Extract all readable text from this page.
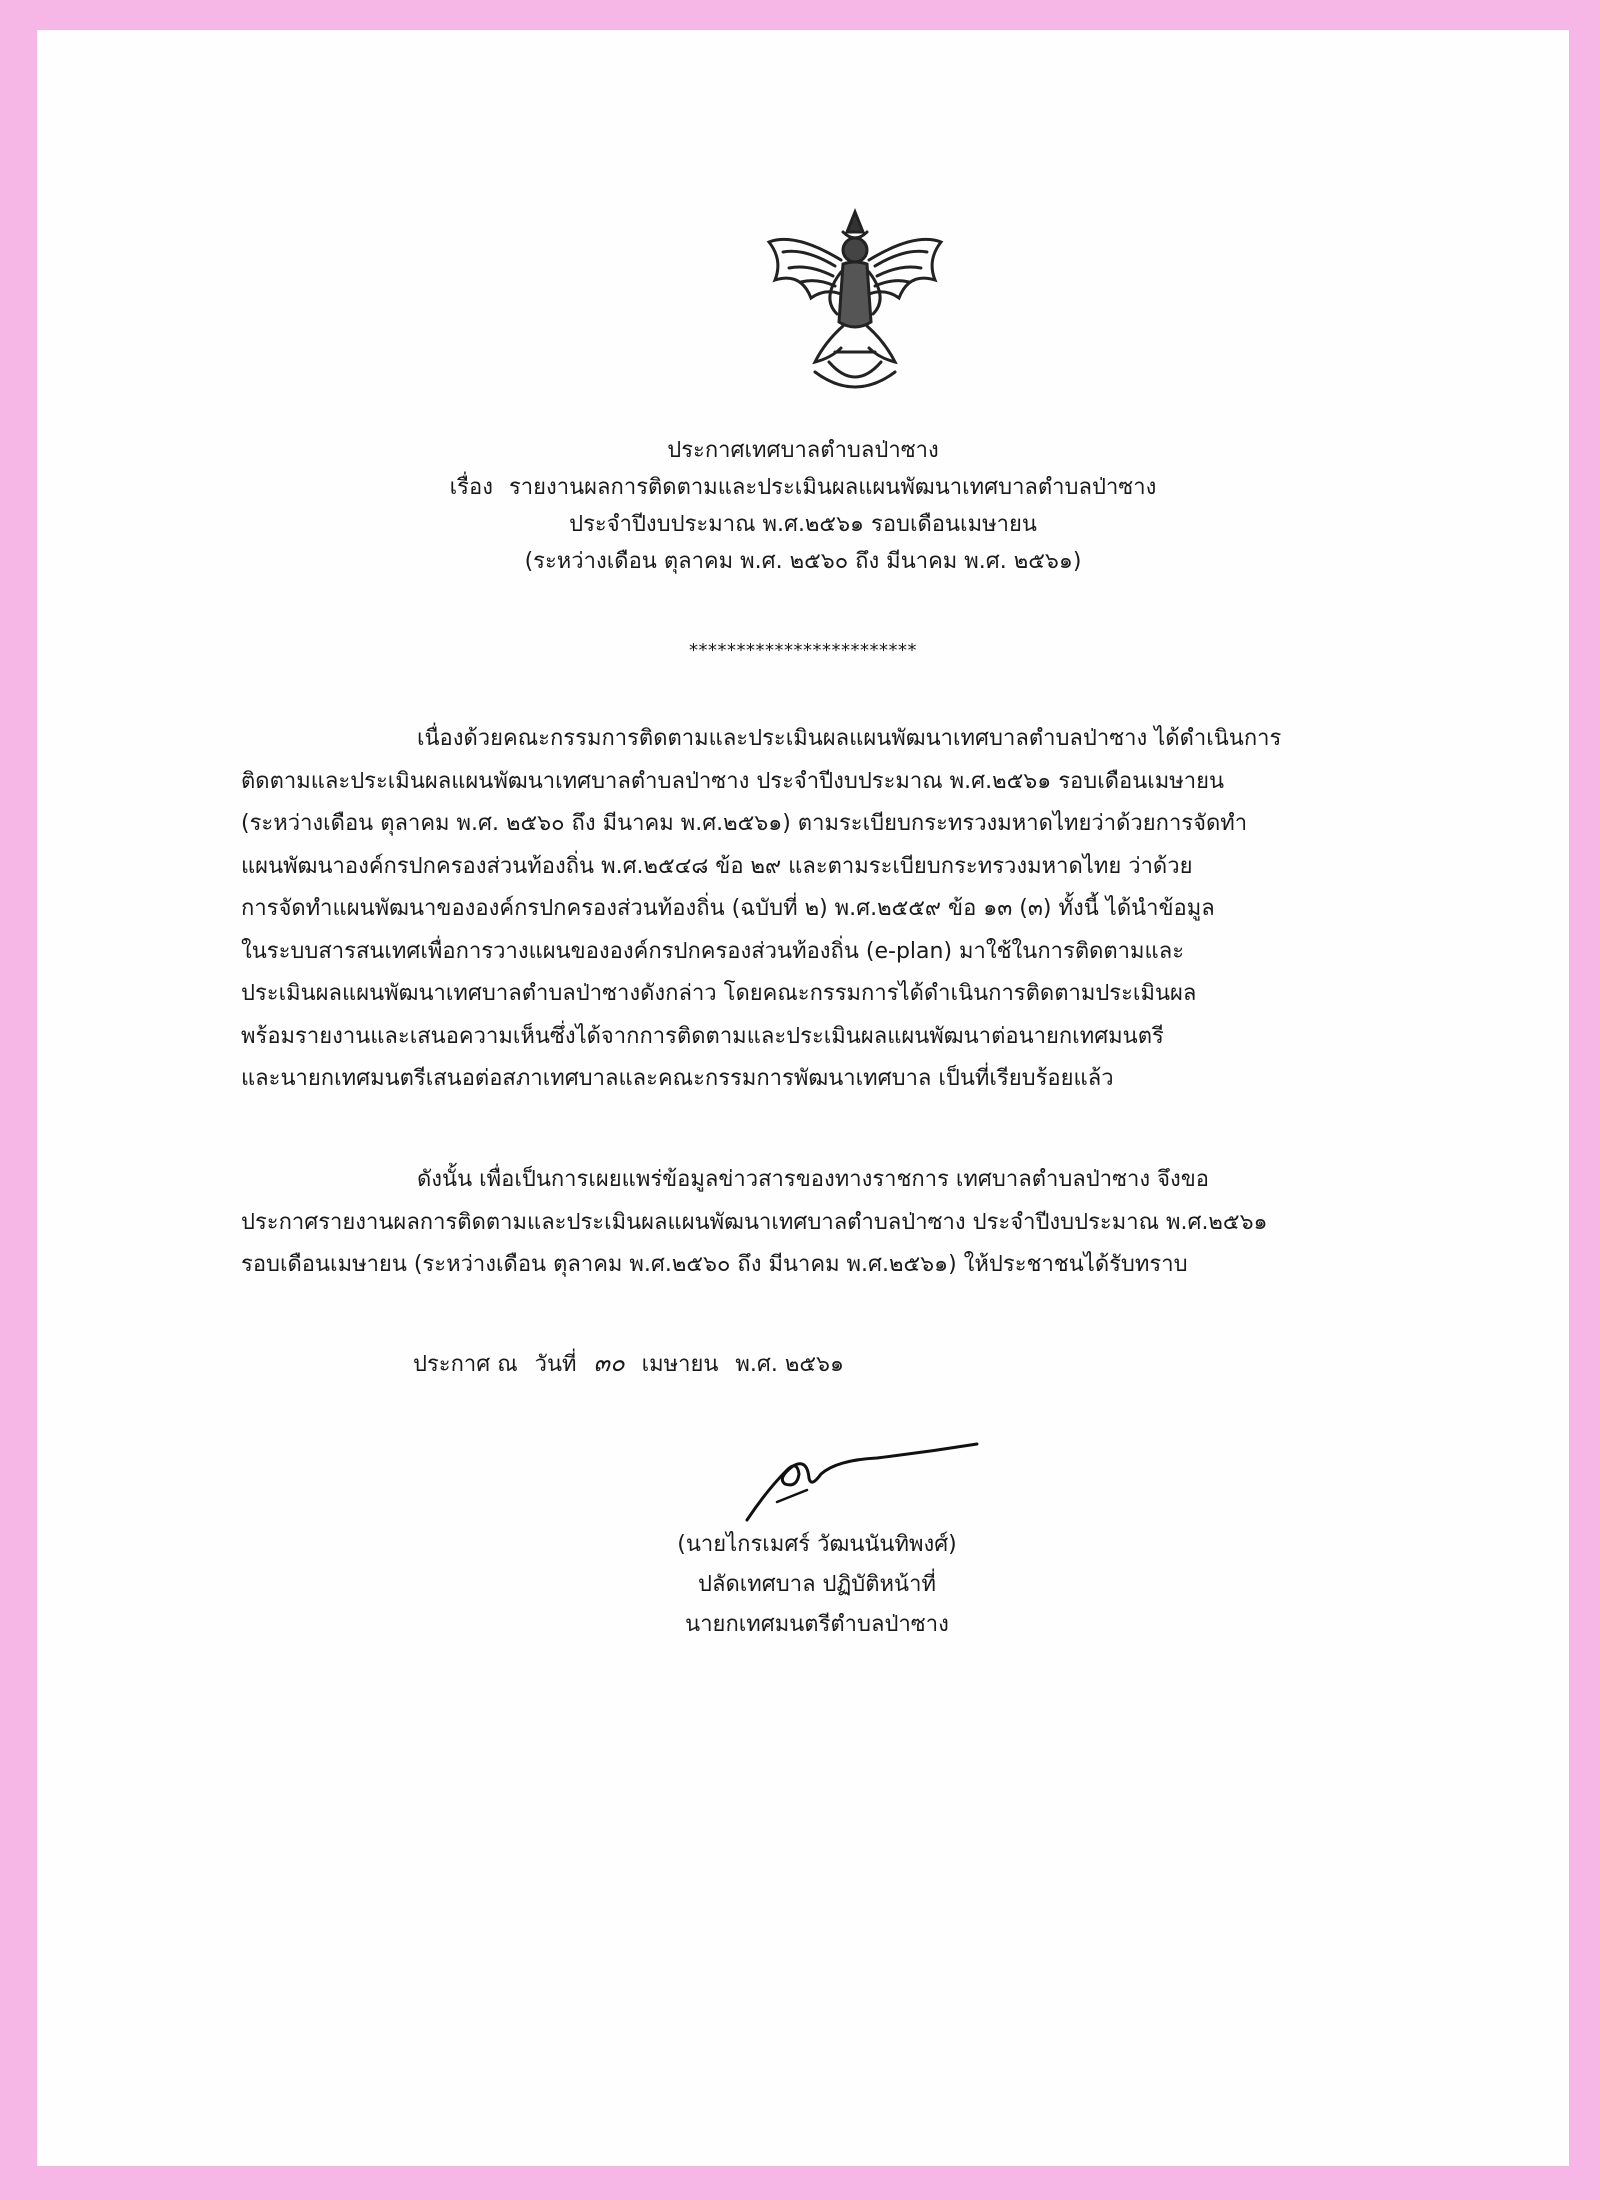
ประกาศเทศบาลตำบลป่าซาง
เรื่อง รายงานผลการติดตามและประเมินผลแผนพัฒนาเทศบาลตำบลป่าซาง
ประจำปีงบประมาณ พ.ศ.๒๕๖๑ รอบเดือนเมษายน
(ระหว่างเดือน ตุลาคม พ.ศ. ๒๕๖๐ ถึง มีนาคม พ.ศ. ๒๕๖๑)
************************

เนื่องด้วยคณะกรรมการติดตามและประเมินผลแผนพัฒนาเทศบาลตำบลป่าซาง ได้ดำเนินการ
ติดตามและประเมินผลแผนพัฒนาเทศบาลตำบลป่าซาง ประจำปีงบประมาณ พ.ศ.๒๕๖๑ รอบเดือนเมษายน
(ระหว่างเดือน ตุลาคม พ.ศ. ๒๕๖๐ ถึง มีนาคม พ.ศ.๒๕๖๑) ตามระเบียบกระทรวงมหาดไทยว่าด้วยการจัดทำ
แผนพัฒนาองค์กรปกครองส่วนท้องถิ่น พ.ศ.๒๕๔๘ ข้อ ๒๙ และตามระเบียบกระทรวงมหาดไทย ว่าด้วย
การจัดทำแผนพัฒนาขององค์กรปกครองส่วนท้องถิ่น (ฉบับที่ ๒) พ.ศ.๒๕๕๙ ข้อ ๑๓ (๓) ทั้งนี้ ได้นำข้อมูล
ในระบบสารสนเทศเพื่อการวางแผนขององค์กรปกครองส่วนท้องถิ่น (e-plan) มาใช้ในการติดตามและ
ประเมินผลแผนพัฒนาเทศบาลตำบลป่าซางดังกล่าว โดยคณะกรรมการได้ดำเนินการติดตามประเมินผล
พร้อมรายงานและเสนอความเห็นซึ่งได้จากการติดตามและประเมินผลแผนพัฒนาต่อนายกเทศมนตรี
และนายกเทศมนตรีเสนอต่อสภาเทศบาลและคณะกรรมการพัฒนาเทศบาล เป็นที่เรียบร้อยแล้ว

ดังนั้น เพื่อเป็นการเผยแพร่ข้อมูลข่าวสารของทางราชการ เทศบาลตำบลป่าซาง จึงขอ
ประกาศรายงานผลการติดตามและประเมินผลแผนพัฒนาเทศบาลตำบลป่าซาง ประจำปีงบประมาณ พ.ศ.๒๕๖๑
รอบเดือนเมษายน (ระหว่างเดือน ตุลาคม พ.ศ.๒๕๖๐ ถึง มีนาคม พ.ศ.๒๕๖๑) ให้ประชาชนได้รับทราบ

ประกาศ ณ วันที่ ๓๐ เมษายน พ.ศ. ๒๕๖๑
(นายไกรเมศร์ วัฒนนันทิพงศ์)
ปลัดเทศบาล ปฏิบัติหน้าที่
นายกเทศมนตรีตำบลป่าซาง
